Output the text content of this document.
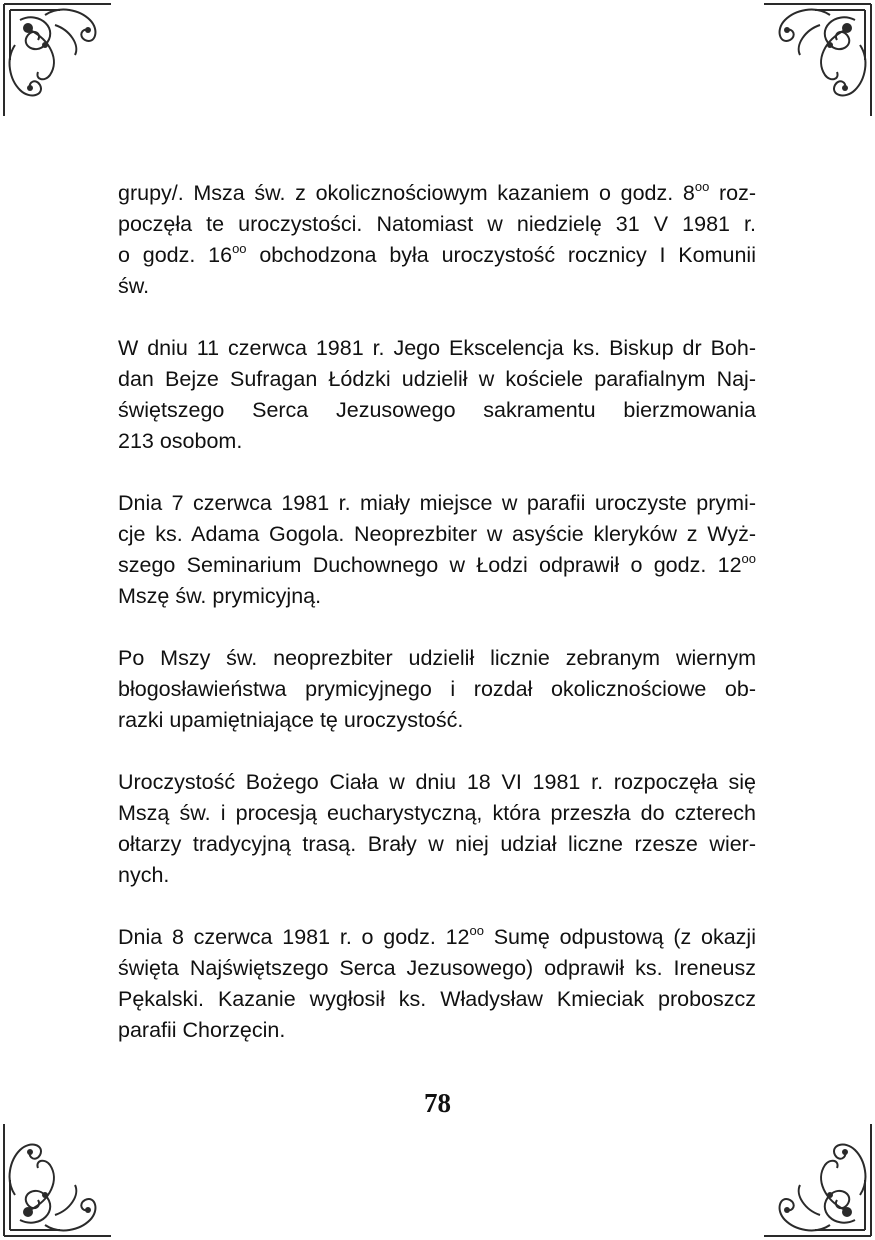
grupy/. Msza św. z okolicznościowym kazaniem o godz. $8^{oo}$ roz-
poczęła te uroczystości. Natomiast w niedzielę 31 V 1981 r.
o godz. $16^{oo}$ obchodzona była uroczystość rocznicy I Komunii
św.

W dniu 11 czerwca 1981 r. Jego Ekscelencja ks. Biskup dr Boh-
dan Bejze Sufragan Łódzki udzielił w kościele parafialnym Naj-
świętszego Serca Jezusowego sakramentu bierzmowania
213 osobom.

Dnia 7 czerwca 1981 r. miały miejsce w parafii uroczyste prymi-
cje ks. Adama Gogola. Neoprezbiter w asyście kleryków z Wyż-
szego Seminarium Duchownego w Łodzi odprawił o godz. $12^{oo}$
Mszę św. prymicyjną.

Po Mszy św. neoprezbiter udzielił licznie zebranym wiernym
błogosławieństwa prymicyjnego i rozdał okolicznościowe ob-
razki upamiętniające tę uroczystość.

Uroczystość Bożego Ciała w dniu 18 VI 1981 r. rozpoczęła się
Mszą św. i procesją eucharystyczną, która przeszła do czterech
ołtarzy tradycyjną trasą. Brały w niej udział liczne rzesze wier-
nych.

Dnia 8 czerwca 1981 r. o godz. $12^{oo}$ Sumę odpustową (z okazji
święta Najświętszego Serca Jezusowego) odprawił ks. Ireneusz
Pękalski. Kazanie wygłosił ks. Władysław Kmieciak proboszcz
parafii Chorzęcin.

78
